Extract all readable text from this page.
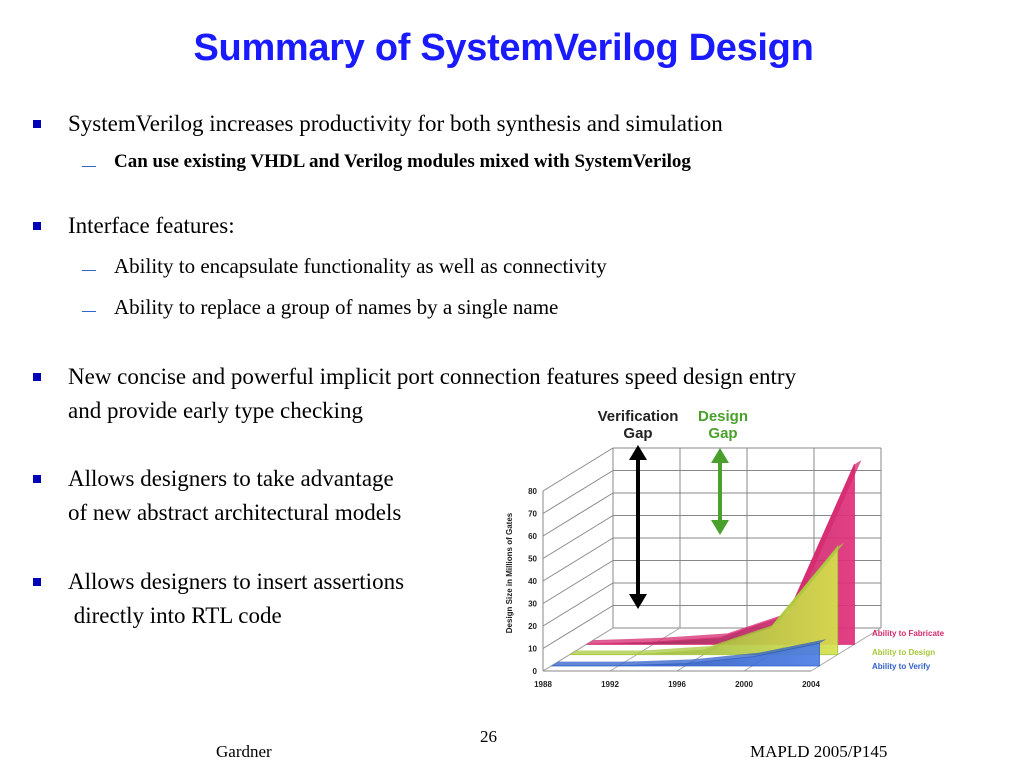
Summary of SystemVerilog Design
SystemVerilog increases productivity for both synthesis and simulation
Can use existing VHDL and Verilog modules mixed with SystemVerilog
Interface features:
Ability to encapsulate functionality as well as connectivity
Ability to replace a group of names by a single name
New concise and powerful implicit port connection features speed design entry
and provide early type checking
Allows designers to take advantage
of new abstract architectural models
Allows designers to insert assertions
directly into RTL code
0
10
20
30
40
50
60
70
80
1988	1992	1996	2000	2004
Design Size in Millions of Gates
Ability to Fabricate
Ability to Design
Ability to Verify
Verification
Gap
Design
Gap
Gardner
26
MAPLD 2005/P145
